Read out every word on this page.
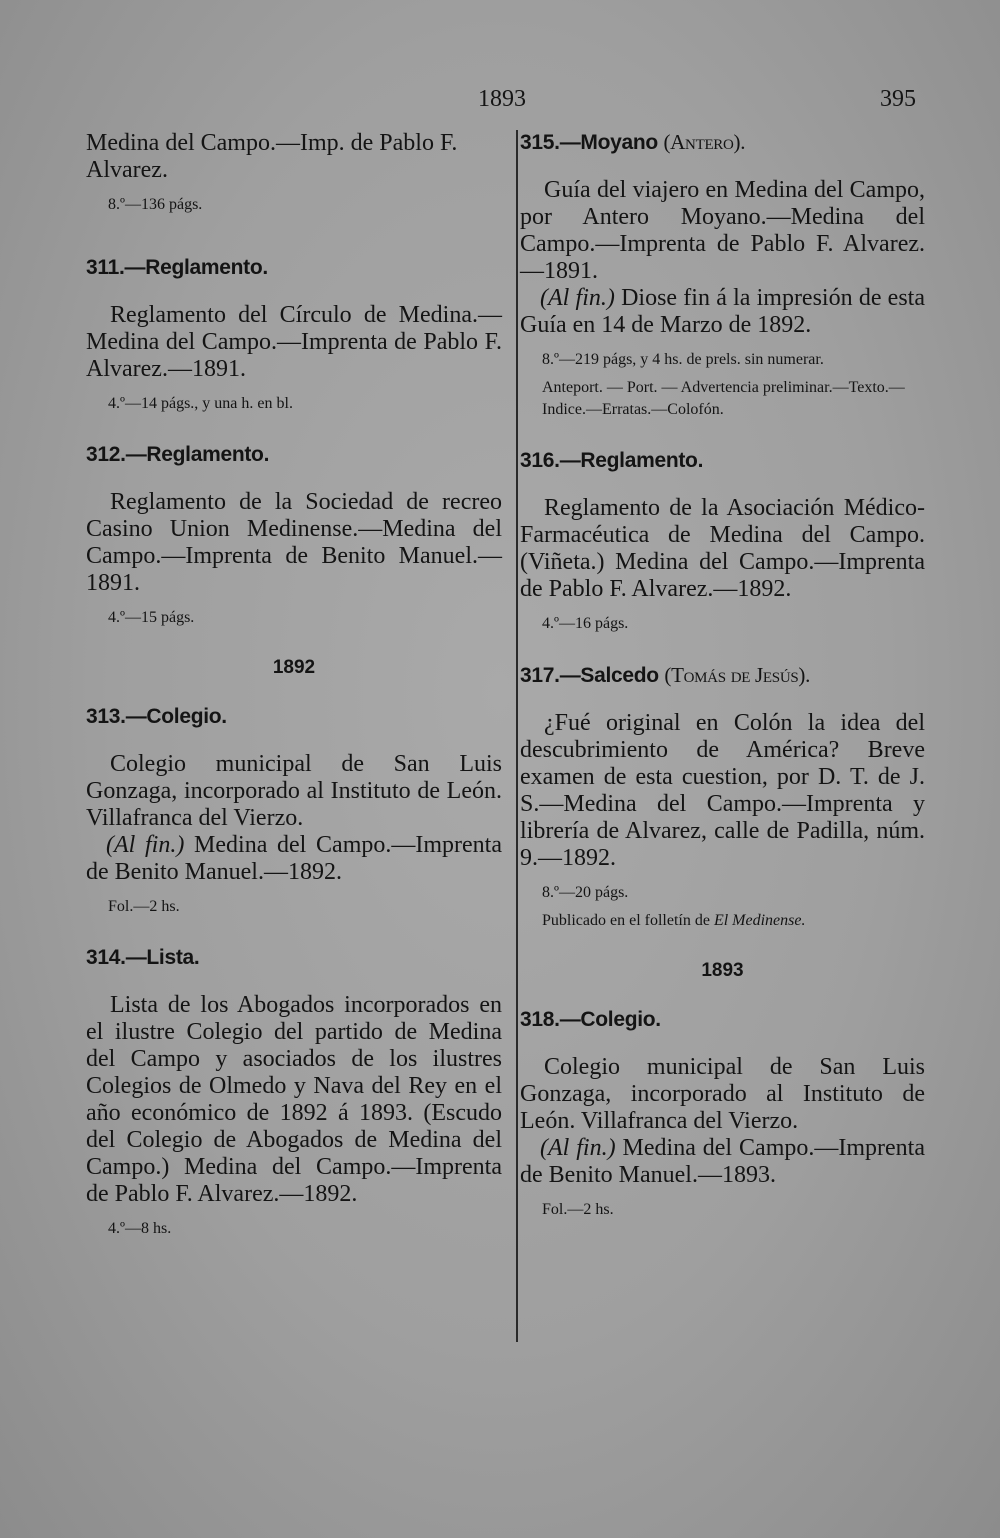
1893	395

Medina del Campo.—Imp. de Pablo F. Alvarez.

8.º—136 págs.
311.—Reglamento.

Reglamento del Círculo de Medina.—Medina del Campo.—Imprenta de Pablo F. Alvarez.—1891.

4.º—14 págs., y una h. en bl.
312.—Reglamento.

Reglamento de la Sociedad de recreo Casino Union Medinense.—Medina del Campo.—Imprenta de Benito Manuel.—1891.

4.º—15 págs.
1892
313.—Colegio.

Colegio municipal de San Luis Gonzaga, incorporado al Instituto de León. Villafranca del Vierzo.

(Al fin.) Medina del Campo.—Imprenta de Benito Manuel.—1892.

Fol.—2 hs.
314.—Lista.

Lista de los Abogados incorporados en el ilustre Colegio del partido de Medina del Campo y asociados de los ilustres Colegios de Olmedo y Nava del Rey en el año económico de 1892 á 1893. (Escudo del Colegio de Abogados de Medina del Campo.) Medina del Campo.—Imprenta de Pablo F. Alvarez.—1892.

4.º—8 hs.
315.—Moyano (Antero).

Guía del viajero en Medina del Campo, por Antero Moyano.—Medina del Campo.—Imprenta de Pablo F. Alvarez.—1891.

(Al fin.) Diose fin á la impresión de esta Guía en 14 de Marzo de 1892.

8.º—219 págs, y 4 hs. de prels. sin numerar.
Anteport. — Port. — Advertencia preliminar.—Texto.—Indice.—Erratas.—Colofón.
316.—Reglamento.

Reglamento de la Asociación Médico-Farmacéutica de Medina del Campo. (Viñeta.) Medina del Campo.—Imprenta de Pablo F. Alvarez.—1892.

4.º—16 págs.
317.—Salcedo (Tomás de Jesús).

¿Fué original en Colón la idea del descubrimiento de América? Breve examen de esta cuestion, por D. T. de J. S.—Medina del Campo.—Imprenta y librería de Alvarez, calle de Padilla, núm. 9.—1892.

8.º—20 págs.
Publicado en el folletín de El Medinense.
1893
318.—Colegio.

Colegio municipal de San Luis Gonzaga, incorporado al Instituto de León. Villafranca del Vierzo.

(Al fin.) Medina del Campo.—Imprenta de Benito Manuel.—1893.

Fol.—2 hs.
